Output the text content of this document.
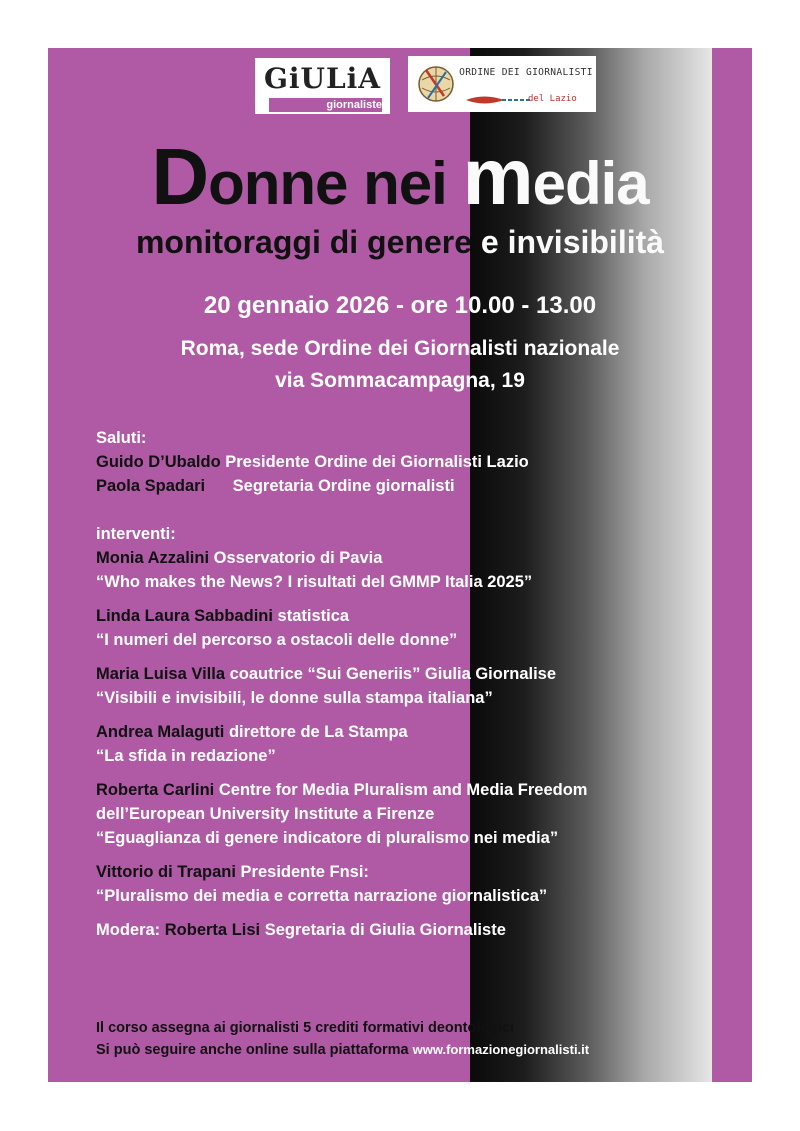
GiULiA
giornaliste
ORDINE DEI GIORNALISTI
del Lazio
Donne nei media
monitoraggi di genere e invisibilità
20 gennaio 2026 - ore 10.00 - 13.00
Roma, sede Ordine dei Giornalisti nazionale
via Sommacampagna, 19

Saluti:

Guido D’Ubaldo Presidente Ordine dei Giornalisti Lazio

Paola Spadari      Segretaria Ordine giornalisti

interventi:

Monia Azzalini Osservatorio di Pavia

“Who makes the News? I risultati del GMMP Italia 2025”

Linda Laura Sabbadini statistica

“I numeri del percorso a ostacoli delle donne”

Maria Luisa Villa coautrice “Sui Generiis” Giulia Giornalise

“Visibili e invisibili, le donne sulla stampa italiana”

Andrea Malaguti direttore de La Stampa

“La sfida in redazione”

Roberta Carlini Centre for Media Pluralism and Media Freedom

dell’European University Institute a Firenze

“Eguaglianza di genere indicatore di pluralismo nei media”

Vittorio di Trapani Presidente Fnsi:

“Pluralismo dei media e corretta narrazione giornalistica”

Modera: Roberta Lisi Segretaria di Giulia Giornaliste

Il corso assegna ai giornalisti 5 crediti formativi deontologici

Si può seguire anche online sulla piattaforma www.formazionegiornalisti.it
